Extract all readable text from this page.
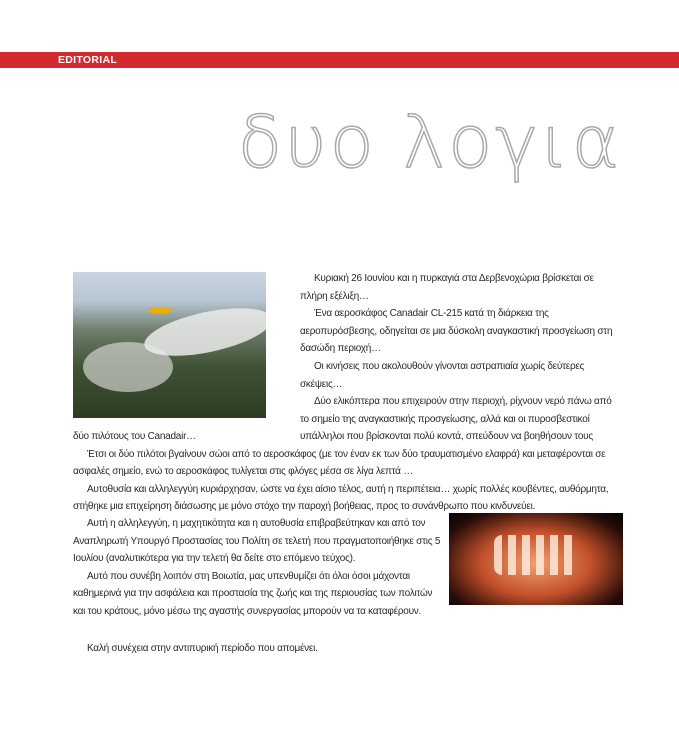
EDITORIAL
δυο λογια

Κυριακή 26 Ιουνίου και η πυρκαγιά στα Δερβενοχώρια βρίσκεται σε πλήρη εξέλιξη…

Ένα αεροσκάφος Canadair CL-215 κατά τη διάρκεια της αεροπυρόσβεσης, οδηγείται σε μια δύσκολη αναγκαστική προσγείωση στη δασώδη περιοχή…

Οι κινήσεις που ακολουθούν γίνονται αστραπιαία χωρίς δεύτερες σκέψεις…

Δύο ελικόπτερα που επιχειρούν στην περιοχή, ρίχνουν νερό πάνω από το σημείο της αναγκαστικής προσγείωσης, αλλά και οι πυροσβεστικοί υπάλληλοι που βρίσκονται πολύ κοντά, σπεύδουν να βοηθήσουν τους

δύο πιλότους του Canadair…

Έτσι οι δύο πιλότοι βγαίνουν σώοι από το αεροσκάφος (με τον έναν εκ των δύο τραυματισμένο ελαφρά) και μεταφέρονται σε ασφαλές σημείο, ενώ το αεροσκάφος τυλίγεται στις φλόγες μέσα σε λίγα λεπτά …

Αυτοθυσία και αλληλεγγύη κυριάρχησαν, ώστε να έχει αίσιο τέλος, αυτή η περιπέτεια… χωρίς πολλές κουβέντες, αυθόρμητα, στήθηκε μια επιχείρηση διάσωσης με μόνο στόχο την παροχή βοήθειας, προς το συνάνθρωπο που κινδυνεύει.

Αυτή η αλληλεγγύη, η μαχητικότητα και η αυτοθυσία επιβραβεύτηκαν και από τον Αναπληρωτή Υπουργό Προστασίας του Πολίτη σε τελετή που πραγματοποιήθηκε στις 5 Ιουλίου (αναλυτικότερα για την τελετή θα δείτε στο επόμενο τεύχος).

Αυτό που συνέβη λοιπόν στη Βοιωτία, μας υπενθυμίζει ότι όλοι όσοι μάχονται καθημερινά για την ασφάλεια και προστασία της ζωής και της περιουσίας των πολιτών και του κράτους, μόνο μέσω της αγαστής συνεργασίας μπορούν να τα καταφέρουν.

Καλή συνέχεια στην αντιπυρική περίοδο που απομένει.
